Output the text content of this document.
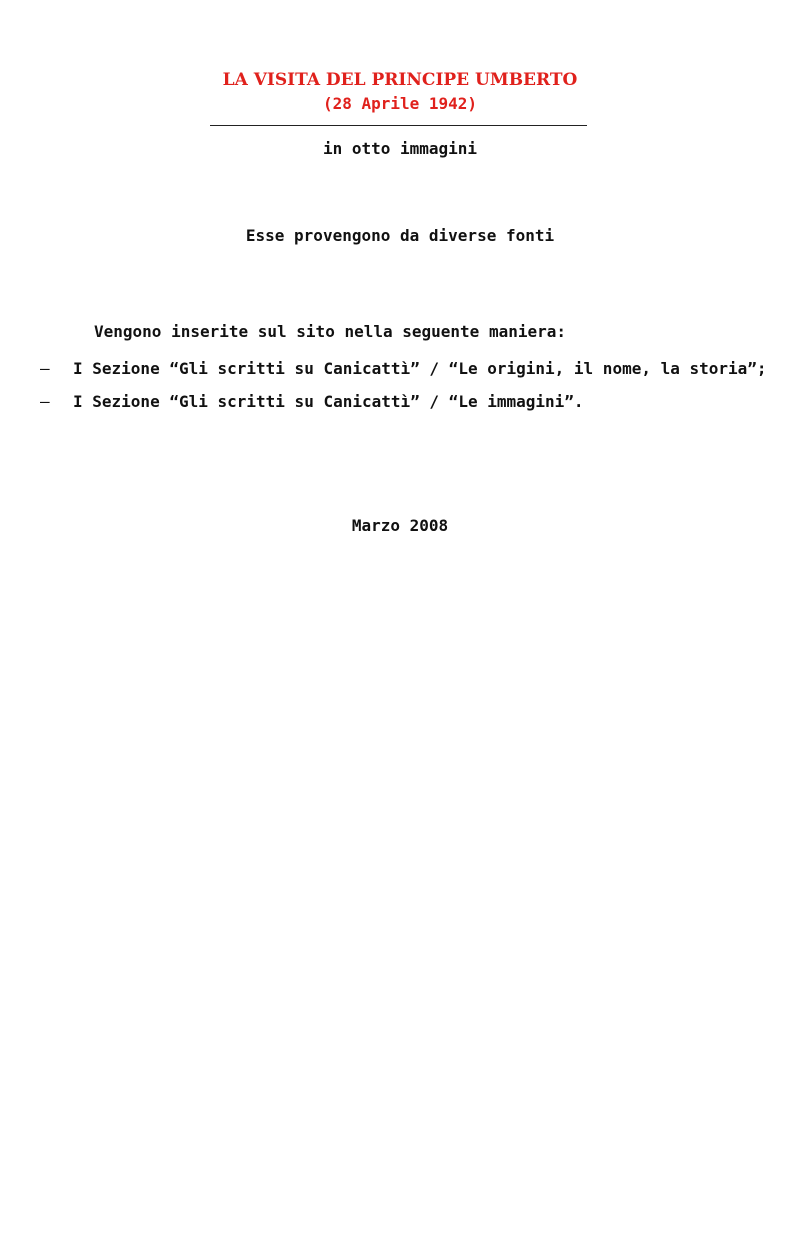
LA VISITA DEL PRINCIPE UMBERTO
(28 Aprile 1942)
in otto immagini
Esse provengono da diverse fonti
Vengono inserite sul sito nella seguente maniera:
– I Sezione “Gli scritti su Canicattì” / “Le origini, il nome, la storia”;
– I Sezione “Gli scritti su Canicattì” / “Le immagini”.
Marzo 2008
